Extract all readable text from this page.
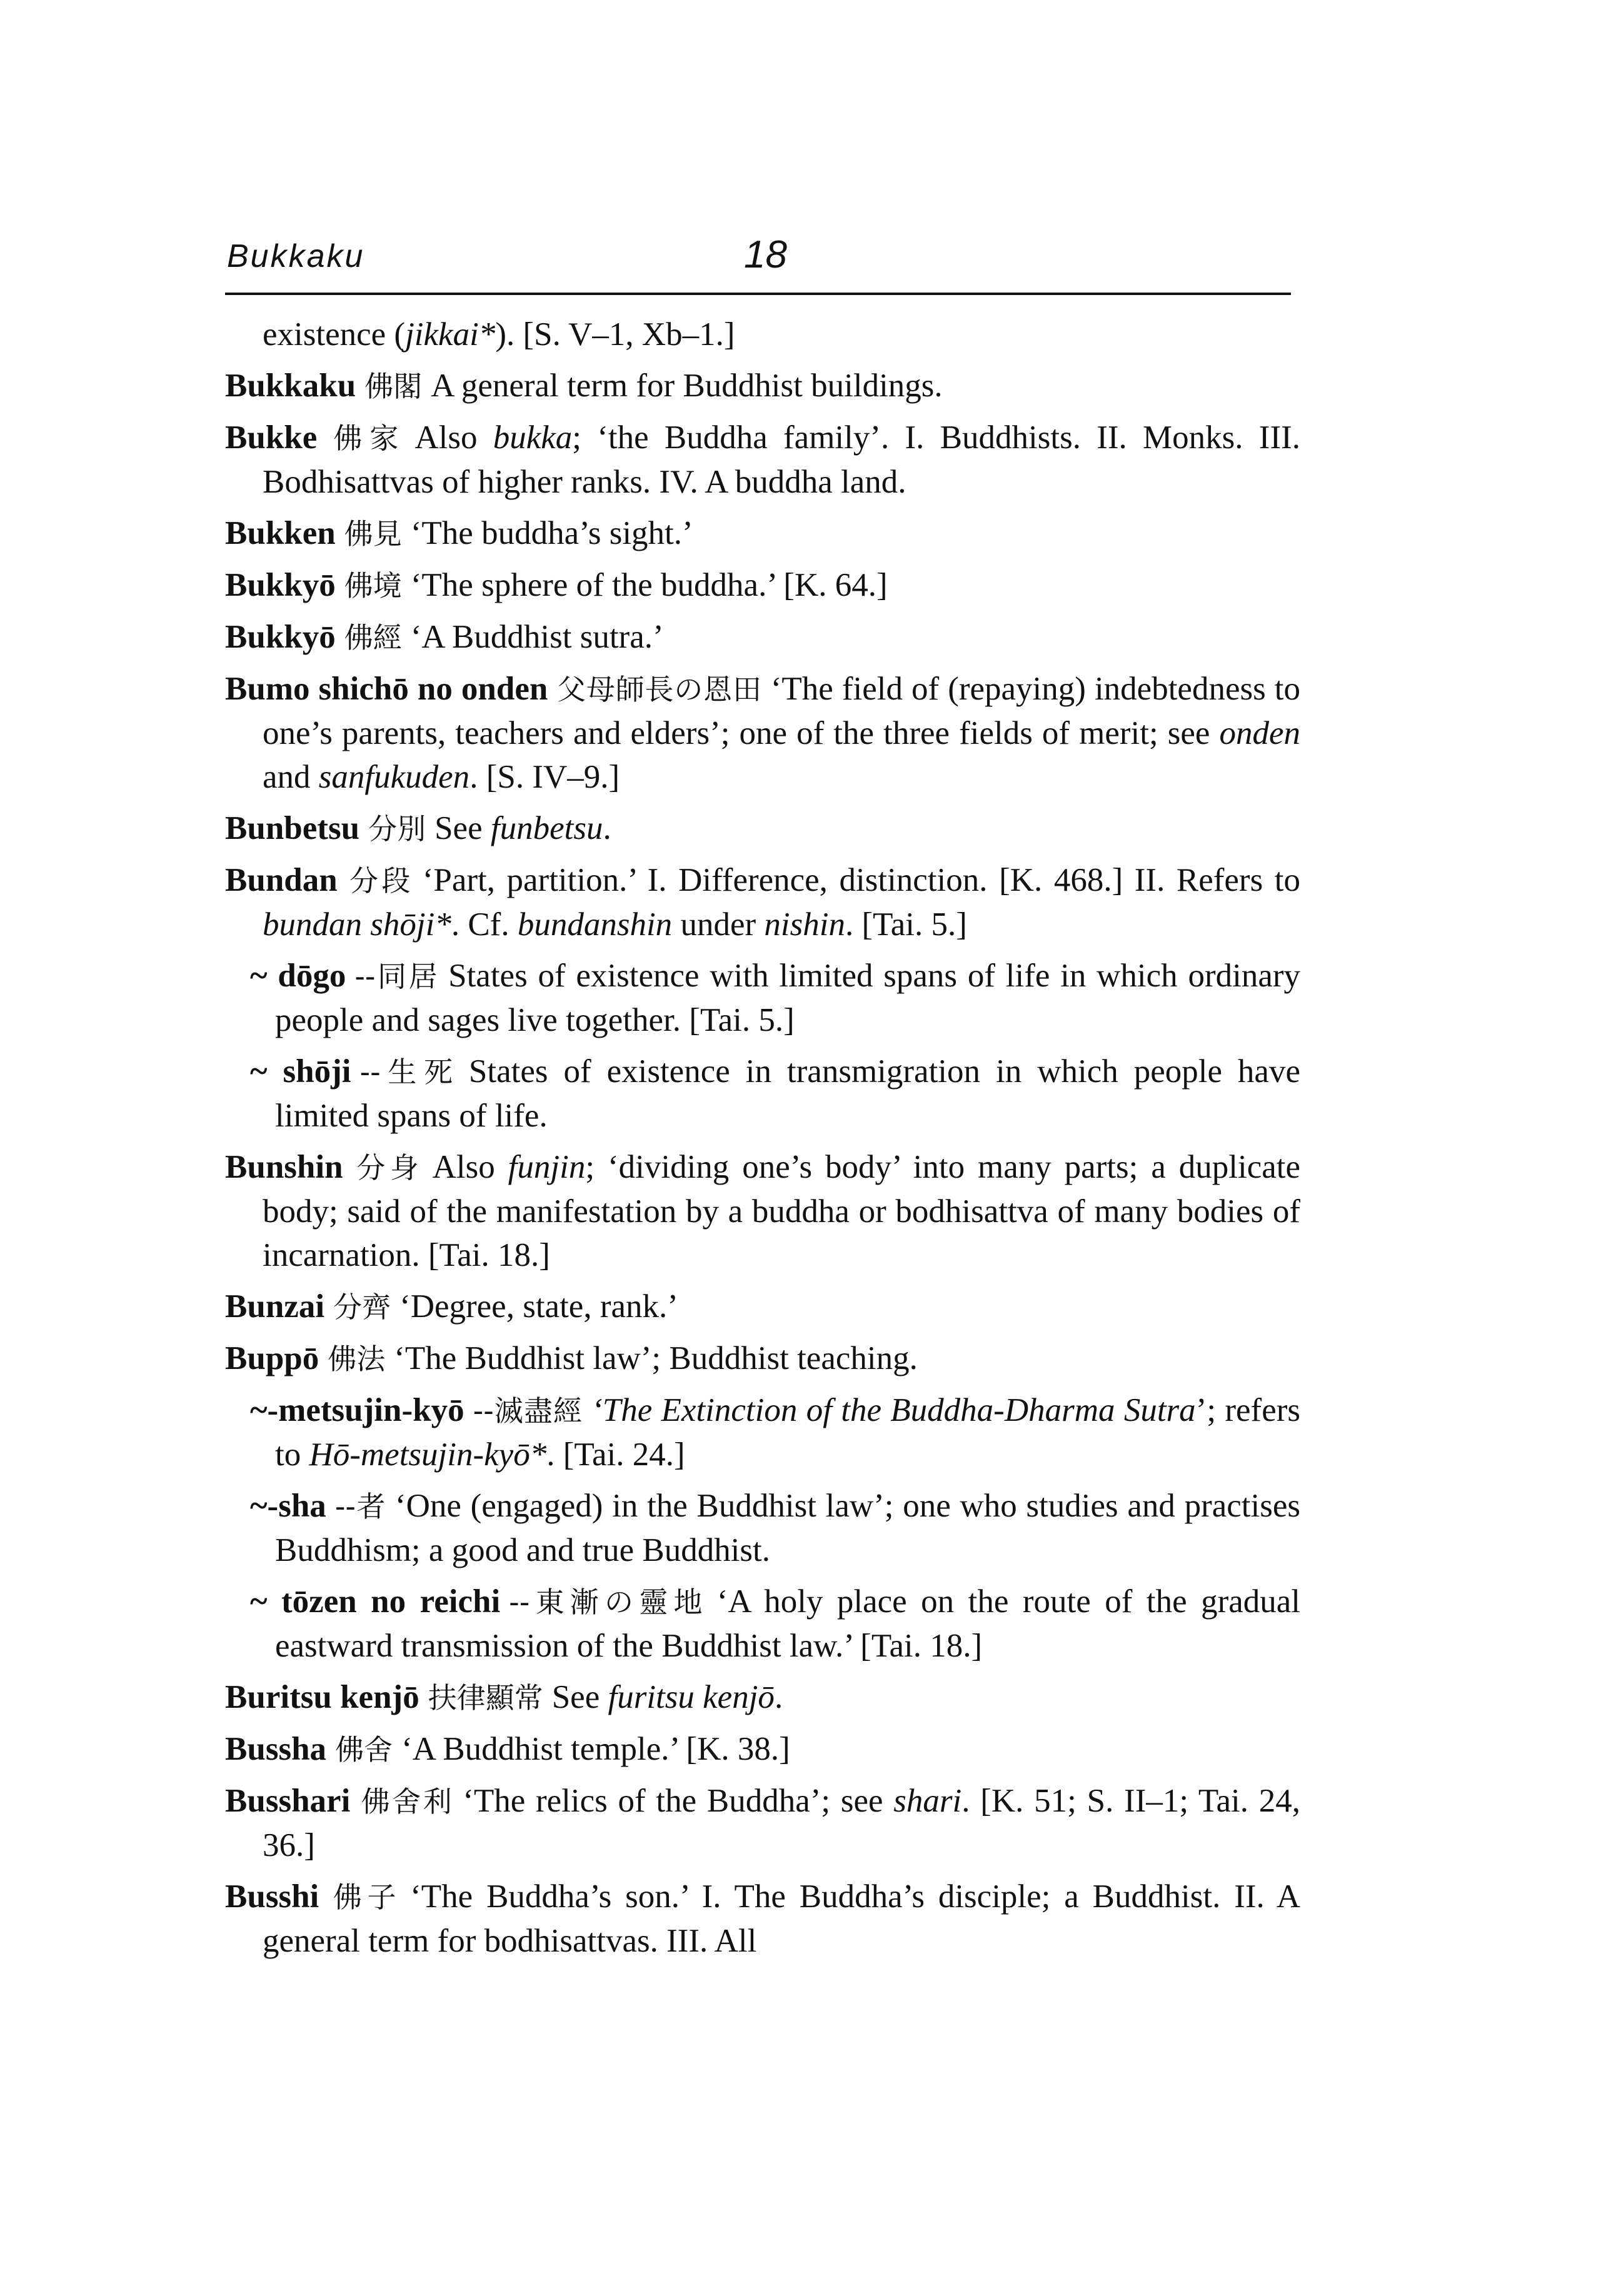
Bukkaku	18
existence (jikkai*). [S. V–1, Xb–1.]
Bukkaku 佛閣 A general term for Buddhist buildings.
Bukke 佛家 Also bukka; ‘the Buddha family’. I. Buddhists. II. Monks. III. Bodhisattvas of higher ranks. IV. A buddha land.
Bukken 佛見 ‘The buddha’s sight.’
Bukkyō 佛境 ‘The sphere of the buddha.’ [K. 64.]
Bukkyō 佛經 ‘A Buddhist sutra.’
Bumo shichō no onden 父母師長の恩田 ‘The field of (repaying) indebtedness to one’s parents, teachers and elders’; one of the three fields of merit; see onden and sanfukuden. [S. IV–9.]
Bunbetsu 分別 See funbetsu.
Bundan 分段 ‘Part, partition.’ I. Difference, distinction. [K. 468.] II. Refers to bundan shōji*. Cf. bundanshin under nishin. [Tai. 5.]
~ dōgo --同居 States of existence with limited spans of life in which ordinary people and sages live together. [Tai. 5.]
~ shōji --生死 States of existence in transmigration in which people have limited spans of life.
Bunshin 分身 Also funjin; ‘dividing one’s body’ into many parts; a duplicate body; said of the manifestation by a buddha or bodhisattva of many bodies of incarnation. [Tai. 18.]
Bunzai 分齊 ‘Degree, state, rank.’
Buppō 佛法 ‘The Buddhist law’; Buddhist teaching.
~-metsujin-kyō --滅盡經 ‘The Extinction of the Buddha-Dharma Sutra’; refers to Hō-metsujin-kyō*. [Tai. 24.]
~-sha --者 ‘One (engaged) in the Buddhist law’; one who studies and practises Buddhism; a good and true Buddhist.
~ tōzen no reichi --東漸の靈地 ‘A holy place on the route of the gradual eastward transmission of the Buddhist law.’ [Tai. 18.]
Buritsu kenjō 扶律顯常 See furitsu kenjō.
Bussha 佛舍 ‘A Buddhist temple.’ [K. 38.]
Busshari 佛舍利 ‘The relics of the Buddha’; see shari. [K. 51; S. II–1; Tai. 24, 36.]
Busshi 佛子 ‘The Buddha’s son.’ I. The Buddha’s disciple; a Buddhist. II. A general term for bodhisattvas. III. All
